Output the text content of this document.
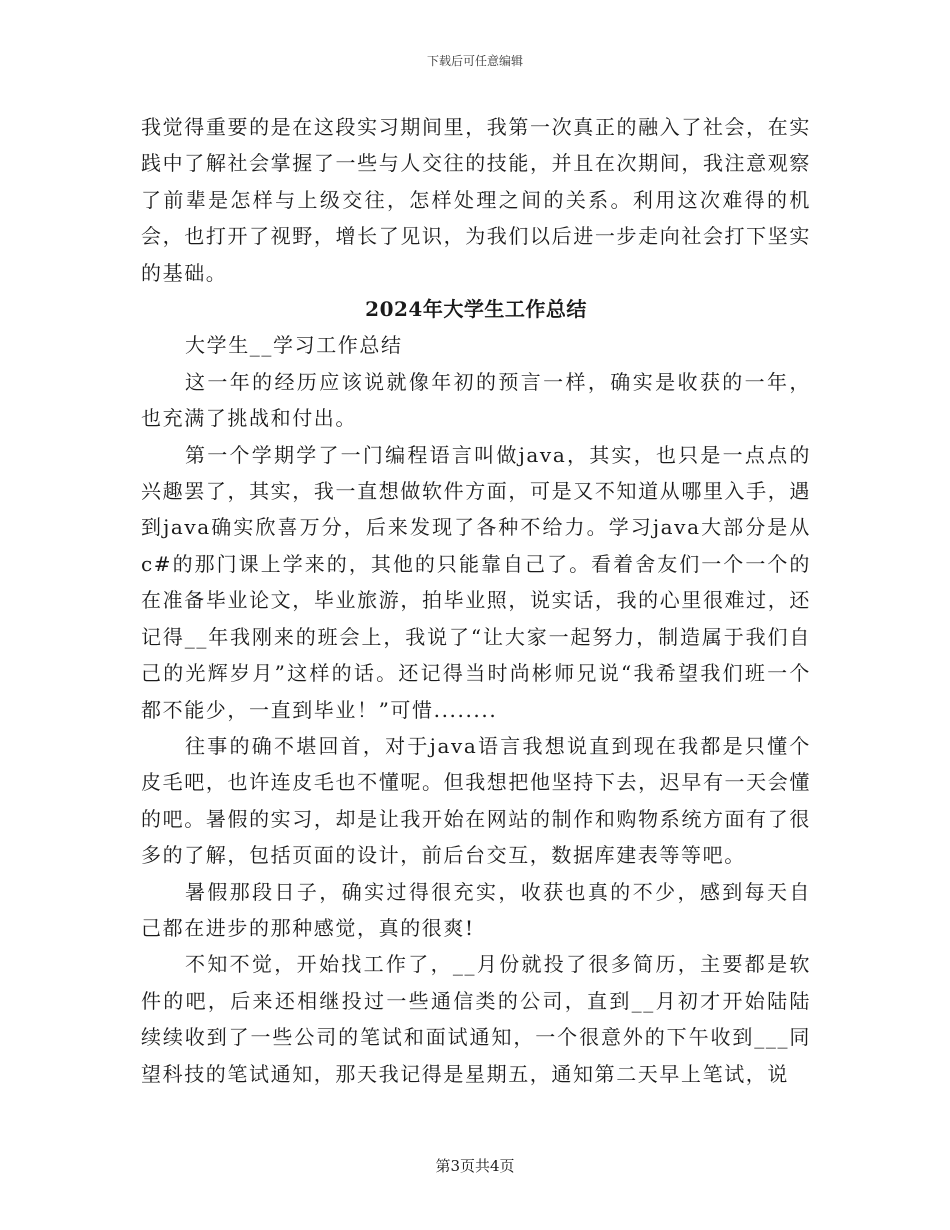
下载后可任意编辑

我觉得重要的是在这段实习期间里，我第一次真正的融入了社会，在实践中了解社会掌握了一些与人交往的技能，并且在次期间，我注意观察了前辈是怎样与上级交往，怎样处理之间的关系。利用这次难得的机会，也打开了视野，增长了见识，为我们以后进一步走向社会打下坚实的基础。

2024年大学生工作总结

大学生__学习工作总结

这一年的经历应该说就像年初的预言一样，确实是收获的一年，也充满了挑战和付出。

第一个学期学了一门编程语言叫做java，其实，也只是一点点的兴趣罢了，其实，我一直想做软件方面，可是又不知道从哪里入手，遇到java确实欣喜万分，后来发现了各种不给力。学习java大部分是从c#的那门课上学来的，其他的只能靠自己了。看着舍友们一个一个的在准备毕业论文，毕业旅游，拍毕业照，说实话，我的心里很难过，还记得__年我刚来的班会上，我说了“让大家一起努力，制造属于我们自己的光辉岁月”这样的话。还记得当时尚彬师兄说“我希望我们班一个都不能少，一直到毕业！”可惜........

往事的确不堪回首，对于java语言我想说直到现在我都是只懂个皮毛吧，也许连皮毛也不懂呢。但我想把他坚持下去，迟早有一天会懂的吧。暑假的实习，却是让我开始在网站的制作和购物系统方面有了很多的了解，包括页面的设计，前后台交互，数据库建表等等吧。

暑假那段日子，确实过得很充实，收获也真的不少，感到每天自己都在进步的那种感觉，真的很爽!

不知不觉，开始找工作了，__月份就投了很多简历，主要都是软件的吧，后来还相继投过一些通信类的公司，直到__月初才开始陆陆续续收到了一些公司的笔试和面试通知，一个很意外的下午收到___同望科技的笔试通知，那天我记得是星期五，通知第二天早上笔试，说

第3页共4页
